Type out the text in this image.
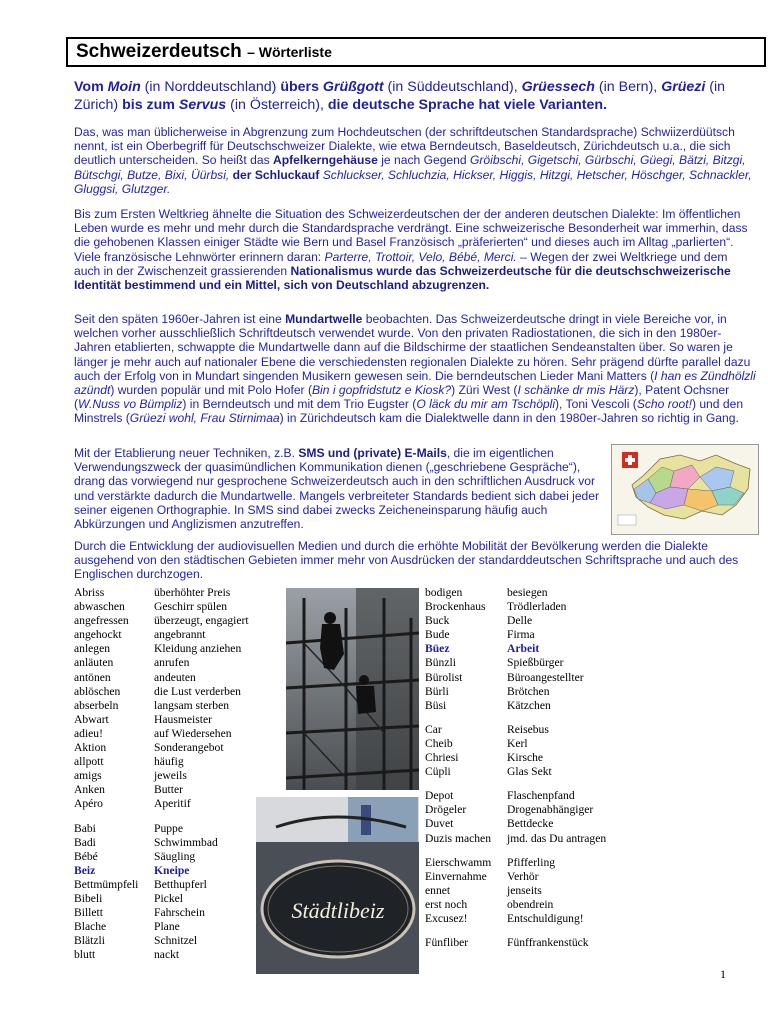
Schweizerdeutsch – Wörterliste
Vom Moin (in Norddeutschland) übers Grüßgott (in Süddeutschland), Grüessech (in Bern), Grüezi (in Zürich) bis zum Servus (in Österreich), die deutsche Sprache hat viele Varianten.
Das, was man üblicherweise in Abgrenzung zum Hochdeutschen (der schriftdeutschen Standardsprache) Schwiizerdüütsch nennt, ist ein Oberbegriff für Deutschschweizer Dialekte, wie etwa Berndeutsch, Baseldeutsch, Zürichdeutsch u.a., die sich deutlich unterscheiden. So heißt das Apfelkerngehäuse je nach Gegend Gröibschi, Gigetschi, Gürbschi, Güegi, Bätzi, Bitzgi, Bütschgi, Butze, Bixi, Üürbsi, der Schluckauf Schluckser, Schluchzia, Hickser, Higgis, Hitzgi, Hetscher, Höschger, Schnackler, Gluggsi, Glutzger.
Bis zum Ersten Weltkrieg ähnelte die Situation des Schweizerdeutschen der der anderen deutschen Dialekte: Im öffentlichen Leben wurde es mehr und mehr durch die Standardsprache verdrängt. Eine schweizerische Besonderheit war immerhin, dass die gehobenen Klassen einiger Städte wie Bern und Basel Französisch „präferierten“ und dieses auch im Alltag „parlierten“. Viele französische Lehnwörter erinnern daran: Parterre, Trottoir, Velo, Bébé, Merci. – Wegen der zwei Weltkriege und dem auch in der Zwischenzeit grassierenden Nationalismus wurde das Schweizerdeutsche für die deutschschweizerische Identität bestimmend und ein Mittel, sich von Deutschland abzugrenzen.
Seit den späten 1960er-Jahren ist eine Mundartwelle beobachten. Das Schweizerdeutsche dringt in viele Bereiche vor, in welchen vorher ausschließlich Schriftdeutsch verwendet wurde. Von den privaten Radiostationen, die sich in den 1980er-Jahren etablierten, schwappte die Mundartwelle dann auf die Bildschirme der staatlichen Sendeanstalten über. So waren je länger je mehr auch auf nationaler Ebene die verschiedensten regionalen Dialekte zu hören. Sehr prägend dürfte parallel dazu auch der Erfolg von in Mundart singenden Musikern gewesen sein. Die berndeutschen Lieder Mani Matters (I han es Zündhölzli azündt) wurden populär und mit Polo Hofer (Bin i gopfridstutz e Kiosk?) Züri West (I schänke dr mis Härz), Patent Ochsner (W.Nuss vo Bümpliz) in Berndeutsch und mit dem Trio Eugster (O läck du mir am Tschöpli), Toni Vescoli (Scho root!) und den Minstrels (Grüezi wohl, Frau Stirnimaa) in Zürichdeutsch kam die Dialektwelle dann in den 1980er-Jahren so richtig in Gang.
Mit der Etablierung neuer Techniken, z.B. SMS und (private) E-Mails, die im eigentlichen Verwendungszweck der quasimündlichen Kommunikation dienen („geschriebene Gespräche“), drang das vorwiegend nur gesprochene Schweizerdeutsch auch in den schriftlichen Ausdruck vor und verstärkte dadurch die Mundartwelle. Mangels verbreiteter Standards bedient sich dabei jeder seiner eigenen Orthographie. In SMS sind dabei zwecks Zeicheneinsparung häufig auch Abkürzungen und Anglizismen anzutreffen.
Durch die Entwicklung der audiovisuellen Medien und durch die erhöhte Mobilität der Bevölkerung werden die Dialekte ausgehend von den städtischen Gebieten immer mehr von Ausdrücken der standarddeutschen Schriftsprache und auch des Englischen durchzogen.
Abriss	überhöhter Preis
abwaschen	Geschirr spülen
angefressen	überzeugt, engagiert
angehockt	angebrannt
anlegen	Kleidung anziehen
anläuten	anrufen
antönen	andeuten
ablöschen	die Lust verderben
abserbeln	langsam sterben
Abwart	Hausmeister
adieu!	auf Wiedersehen
Aktion	Sonderangebot
allpott	häufig
amigs	jeweils
Anken	Butter
Apéro	Aperitif
Babi	Puppe
Badi	Schwimmbad
Bébé	Säugling
Beiz	Kneipe
Bettmümpfeli	Betthupferl
Bibeli	Pickel
Billett	Fahrschein
Blache	Plane
Blätzli	Schnitzel
blutt	nackt
bodigen	besiegen
Brockenhaus	Trödlerladen
Buck	Delle
Bude	Firma
Büez	Arbeit
Bünzli	Spießbürger
Bürolist	Büroangestellter
Bürli	Brötchen
Büsi	Kätzchen
Car	Reisebus
Cheib	Kerl
Chriesi	Kirsche
Cüpli	Glas Sekt
Depot	Flaschenpfand
Drögeler	Drogenabhängiger
Duvet	Bettdecke
Duzis machen	jmd. das Du antragen
Eierschwamm	Pfifferling
Einvernahme	Verhör
ennet	jenseits
erst noch	obendrein
Excusez!	Entschuldigung!
Fünfliber	Fünffrankenstück
Städtlibeiz
1
